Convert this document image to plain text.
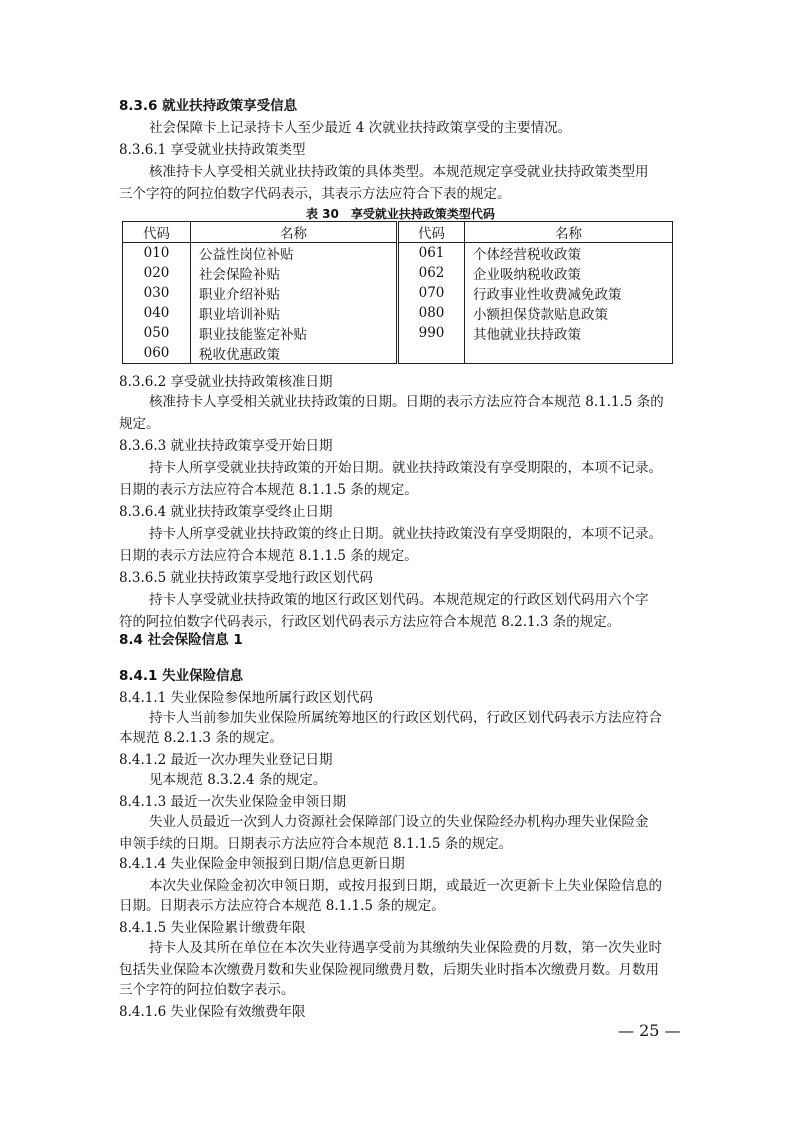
8.3.6 就业扶持政策享受信息
社会保障卡上记录持卡人至少最近 4 次就业扶持政策享受的主要情况。
8.3.6.1 享受就业扶持政策类型
核准持卡人享受相关就业扶持政策的具体类型。本规范规定享受就业扶持政策类型用
三个字符的阿拉伯数字代码表示，其表示方法应符合下表的规定。
表 30　享受就业扶持政策类型代码
8.3.6.2 享受就业扶持政策核准日期
核准持卡人享受相关就业扶持政策的日期。日期的表示方法应符合本规范 8.1.1.5 条的
规定。
8.3.6.3 就业扶持政策享受开始日期
持卡人所享受就业扶持政策的开始日期。就业扶持政策没有享受期限的，本项不记录。
日期的表示方法应符合本规范 8.1.1.5 条的规定。
8.3.6.4 就业扶持政策享受终止日期
持卡人所享受就业扶持政策的终止日期。就业扶持政策没有享受期限的，本项不记录。
日期的表示方法应符合本规范 8.1.1.5 条的规定。
8.3.6.5 就业扶持政策享受地行政区划代码
持卡人享受就业扶持政策的地区行政区划代码。本规范规定的行政区划代码用六个字
符的阿拉伯数字代码表示，行政区划代码表示方法应符合本规范 8.2.1.3 条的规定。
8.4 社会保险信息 1
8.4.1 失业保险信息
8.4.1.1 失业保险参保地所属行政区划代码
持卡人当前参加失业保险所属统筹地区的行政区划代码，行政区划代码表示方法应符合
本规范 8.2.1.3 条的规定。
8.4.1.2 最近一次办理失业登记日期
见本规范 8.3.2.4 条的规定。
8.4.1.3 最近一次失业保险金申领日期
失业人员最近一次到人力资源社会保障部门设立的失业保险经办机构办理失业保险金
申领手续的日期。日期表示方法应符合本规范 8.1.1.5 条的规定。
8.4.1.4 失业保险金申领报到日期/信息更新日期
本次失业保险金初次申领日期，或按月报到日期，或最近一次更新卡上失业保险信息的
日期。日期表示方法应符合本规范 8.1.1.5 条的规定。
8.4.1.5 失业保险累计缴费年限
持卡人及其所在单位在本次失业待遇享受前为其缴纳失业保险费的月数，第一次失业时
包括失业保险本次缴费月数和失业保险视同缴费月数，后期失业时指本次缴费月数。月数用
三个字符的阿拉伯数字表示。
8.4.1.6 失业保险有效缴费年限
代码	名称	代码	名称
010	公益性岗位补贴	061	个体经营税收政策
020	社会保险补贴	062	企业吸纳税收政策
030	职业介绍补贴	070	行政事业性收费减免政策
040	职业培训补贴	080	小额担保贷款贴息政策
050	职业技能鉴定补贴	990	其他就业扶持政策
060	税收优惠政策		
— 25 —
